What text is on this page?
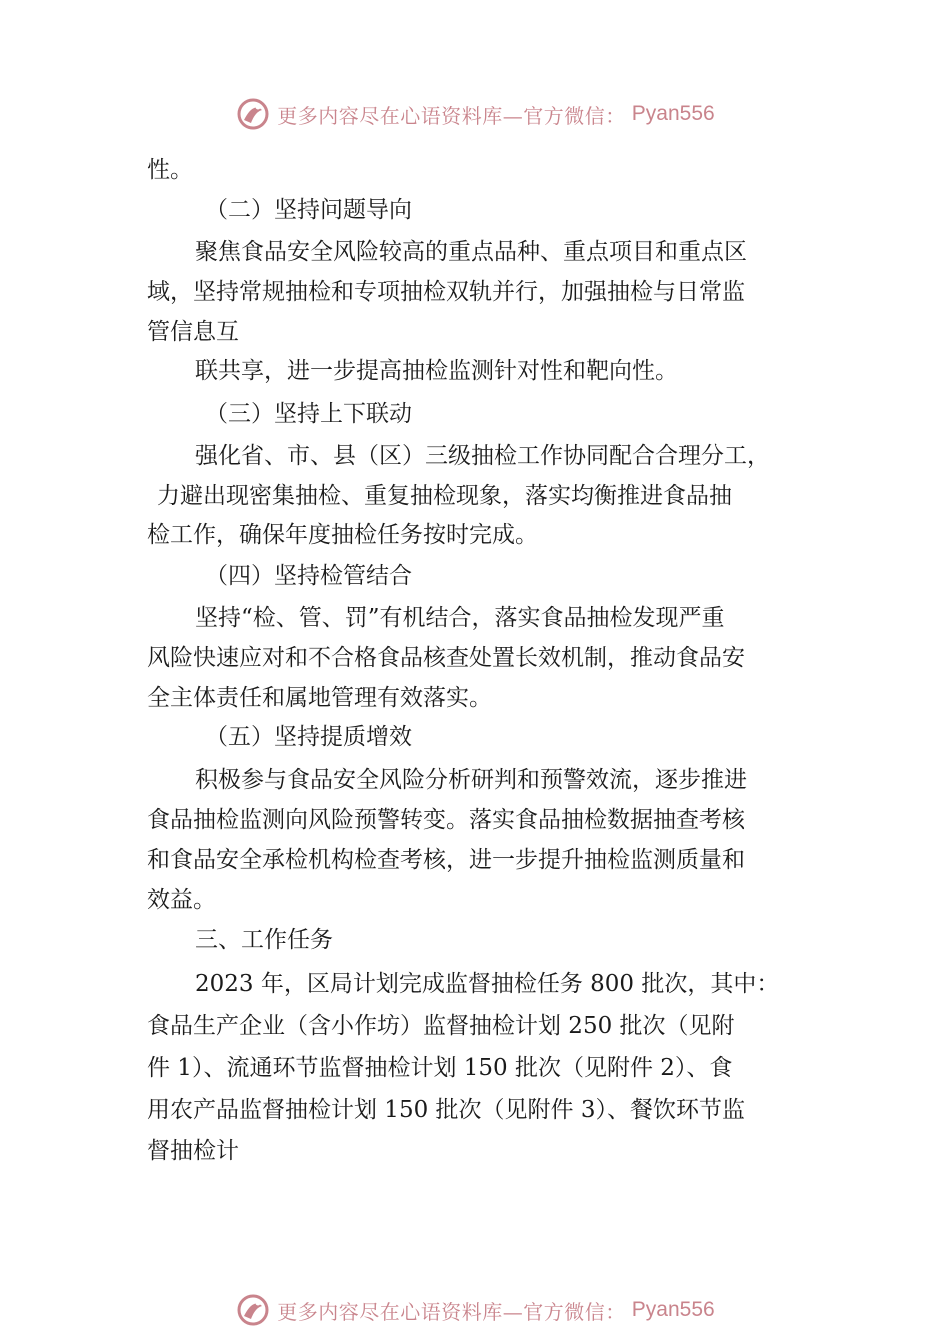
更多内容尽在心语资料库—官方微信： Pyan556
性。
（二）坚持问题导向
聚焦食品安全风险较高的重点品种、重点项目和重点区
域，坚持常规抽检和专项抽检双轨并行，加强抽检与日常监
管信息互
联共享，进一步提高抽检监测针对性和靶向性。
（三）坚持上下联动
强化省、市、县（区）三级抽检工作协同配合合理分工，
力避出现密集抽检、重复抽检现象，落实均衡推进食品抽
检工作，确保年度抽检任务按时完成。
（四）坚持检管结合
坚持“检、管、罚”有机结合，落实食品抽检发现严重
风险快速应对和不合格食品核查处置长效机制，推动食品安
全主体责任和属地管理有效落实。
（五）坚持提质增效
积极参与食品安全风险分析研判和预警效流，逐步推进
食品抽检监测向风险预警转变。落实食品抽检数据抽查考核
和食品安全承检机构检查考核，进一步提升抽检监测质量和
效益。
三、工作任务
2023 年，区局计划完成监督抽检任务 800 批次，其中：
食品生产企业（含小作坊）监督抽检计划 250 批次（见附
件 1）、流通环节监督抽检计划 150 批次（见附件 2）、食
用农产品监督抽检计划 150 批次（见附件 3）、餐饮环节监
督抽检计
更多内容尽在心语资料库—官方微信： Pyan556
